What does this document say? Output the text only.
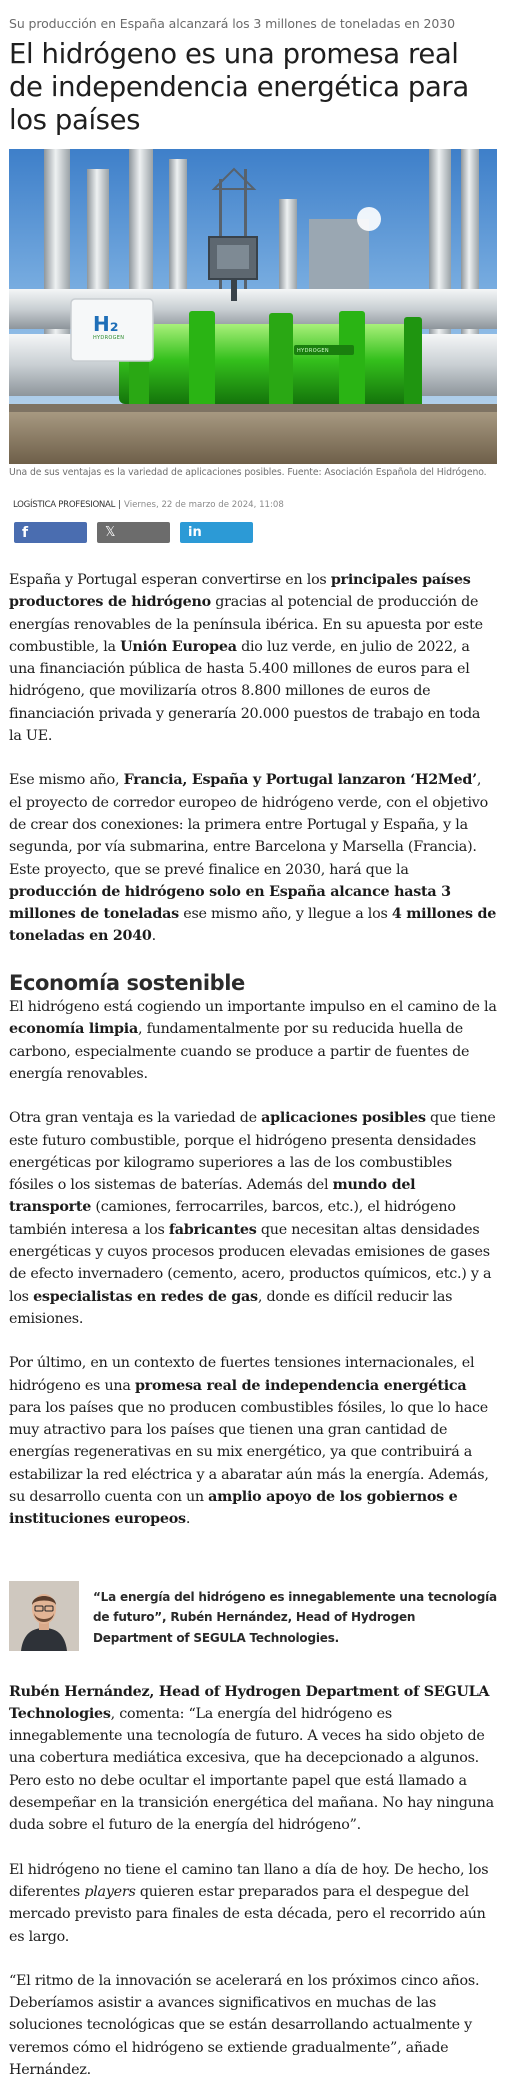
Su producción en España alcanzará los 3 millones de toneladas en 2030
El hidrógeno es una promesa real de independencia energética para los países
H₂
HYDROGEN
HYDROGEN
Una de sus ventajas es la variedad de aplicaciones posibles. Fuente: Asociación Española del Hidrógeno.
LOGÍSTICA PROFESIONAL | Viernes, 22 de marzo de 2024, 11:08
f	𝕏	in

España y Portugal esperan convertirse en los principales países productores de hidrógeno gracias al potencial de producción de energías renovables de la península ibérica. En su apuesta por este combustible, la Unión Europea dio luz verde, en julio de 2022, a una financiación pública de hasta 5.400 millones de euros para el hidrógeno, que movilizaría otros 8.800 millones de euros de financiación privada y generaría 20.000 puestos de trabajo en toda la UE.

Ese mismo año, Francia, España y Portugal lanzaron ‘H2Med’, el proyecto de corredor europeo de hidrógeno verde, con el objetivo de crear dos conexiones: la primera entre Portugal y España, y la segunda, por vía submarina, entre Barcelona y Marsella (Francia). Este proyecto, que se prevé finalice en 2030, hará que la producción de hidrógeno solo en España alcance hasta 3 millones de toneladas ese mismo año, y llegue a los 4 millones de toneladas en 2040.

Economía sostenible

El hidrógeno está cogiendo un importante impulso en el camino de la economía limpia, fundamentalmente por su reducida huella de carbono, especialmente cuando se produce a partir de fuentes de energía renovables.

Otra gran ventaja es la variedad de aplicaciones posibles que tiene este futuro combustible, porque el hidrógeno presenta densidades energéticas por kilogramo superiores a las de los combustibles fósiles o los sistemas de baterías. Además del mundo del transporte (camiones, ferrocarriles, barcos, etc.), el hidrógeno también interesa a los fabricantes que necesitan altas densidades energéticas y cuyos procesos producen elevadas emisiones de gases de efecto invernadero (cemento, acero, productos químicos, etc.) y a los especialistas en redes de gas, donde es difícil reducir las emisiones.

Por último, en un contexto de fuertes tensiones internacionales, el hidrógeno es una promesa real de independencia energética para los países que no producen combustibles fósiles, lo que lo hace muy atractivo para los países que tienen una gran cantidad de energías regenerativas en su mix energético, ya que contribuirá a estabilizar la red eléctrica y a abaratar aún más la energía. Además, su desarrollo cuenta con un amplio apoyo de los gobiernos e instituciones europeos.

“La energía del hidrógeno es innegablemente una tecnología de futuro”, Rubén Hernández, Head of Hydrogen Department of SEGULA Technologies.

Rubén Hernández, Head of Hydrogen Department of SEGULA Technologies, comenta: “La energía del hidrógeno es innegablemente una tecnología de futuro. A veces ha sido objeto de una cobertura mediática excesiva, que ha decepcionado a algunos. Pero esto no debe ocultar el importante papel que está llamado a desempeñar en la transición energética del mañana. No hay ninguna duda sobre el futuro de la energía del hidrógeno”.

El hidrógeno no tiene el camino tan llano a día de hoy. De hecho, los diferentes players quieren estar preparados para el despegue del mercado previsto para finales de esta década, pero el recorrido aún es largo.

“El ritmo de la innovación se acelerará en los próximos cinco años. Deberíamos asistir a avances significativos en muchas de las soluciones tecnológicas que se están desarrollando actualmente y veremos cómo el hidrógeno se extiende gradualmente”, añade Hernández.
